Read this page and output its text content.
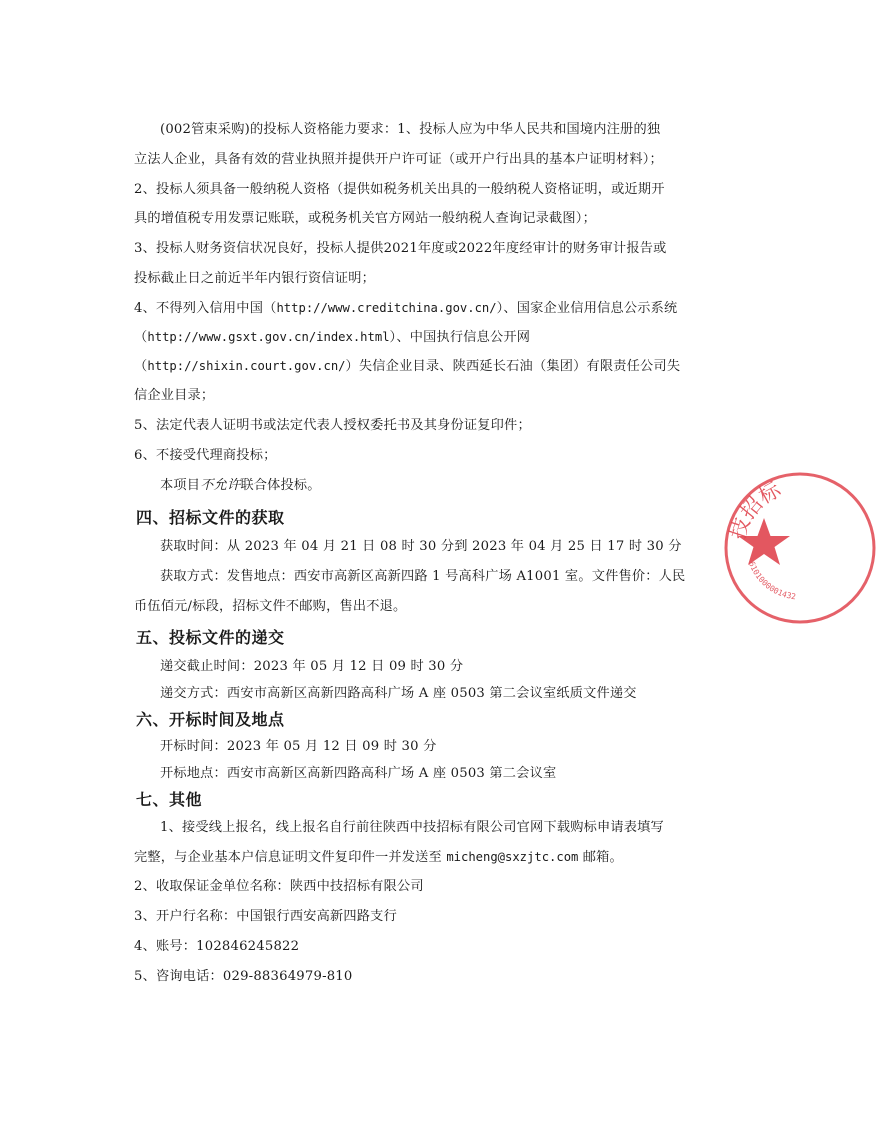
(002管束采购)的投标人资格能力要求：1、投标人应为中华人民共和国境内注册的独
立法人企业，具备有效的营业执照并提供开户许可证（或开户行出具的基本户证明材料）；
2、投标人须具备一般纳税人资格（提供如税务机关出具的一般纳税人资格证明，或近期开
具的增值税专用发票记账联，或税务机关官方网站一般纳税人查询记录截图）；
3、投标人财务资信状况良好，投标人提供2021年度或2022年度经审计的财务审计报告或
投标截止日之前近半年内银行资信证明；
4、不得列入信用中国（http://www.creditchina.gov.cn/）、国家企业信用信息公示系统
（http://www.gsxt.gov.cn/index.html）、中国执行信息公开网
（http://shixin.court.gov.cn/）失信企业目录、陕西延长石油（集团）有限责任公司失
信企业目录；
5、法定代表人证明书或法定代表人授权委托书及其身份证复印件；
6、不接受代理商投标；
本项目不允许联合体投标。
四、招标文件的获取
获取时间：从 2023 年 04 月 21 日 08 时 30 分到 2023 年 04 月 25 日 17 时 30 分
获取方式：发售地点：西安市高新区高新四路 1 号高科广场 A1001 室。文件售价：人民
币伍佰元/标段，招标文件不邮购，售出不退。
五、投标文件的递交
递交截止时间：2023 年 05 月 12 日 09 时 30 分
递交方式：西安市高新区高新四路高科广场 A 座 0503 第二会议室纸质文件递交
六、开标时间及地点
开标时间：2023 年 05 月 12 日 09 时 30 分
开标地点：西安市高新区高新四路高科广场 A 座 0503 第二会议室
七、其他
1、接受线上报名，线上报名自行前往陕西中技招标有限公司官网下载购标申请表填写
完整，与企业基本户信息证明文件复印件一并发送至 micheng@sxzjtc.com 邮箱。
2、收取保证金单位名称：陕西中技招标有限公司
3、开户行名称：中国银行西安高新四路支行
4、账号：102846245822
5、咨询电话：029-88364979-810
技招标
6101000001432
